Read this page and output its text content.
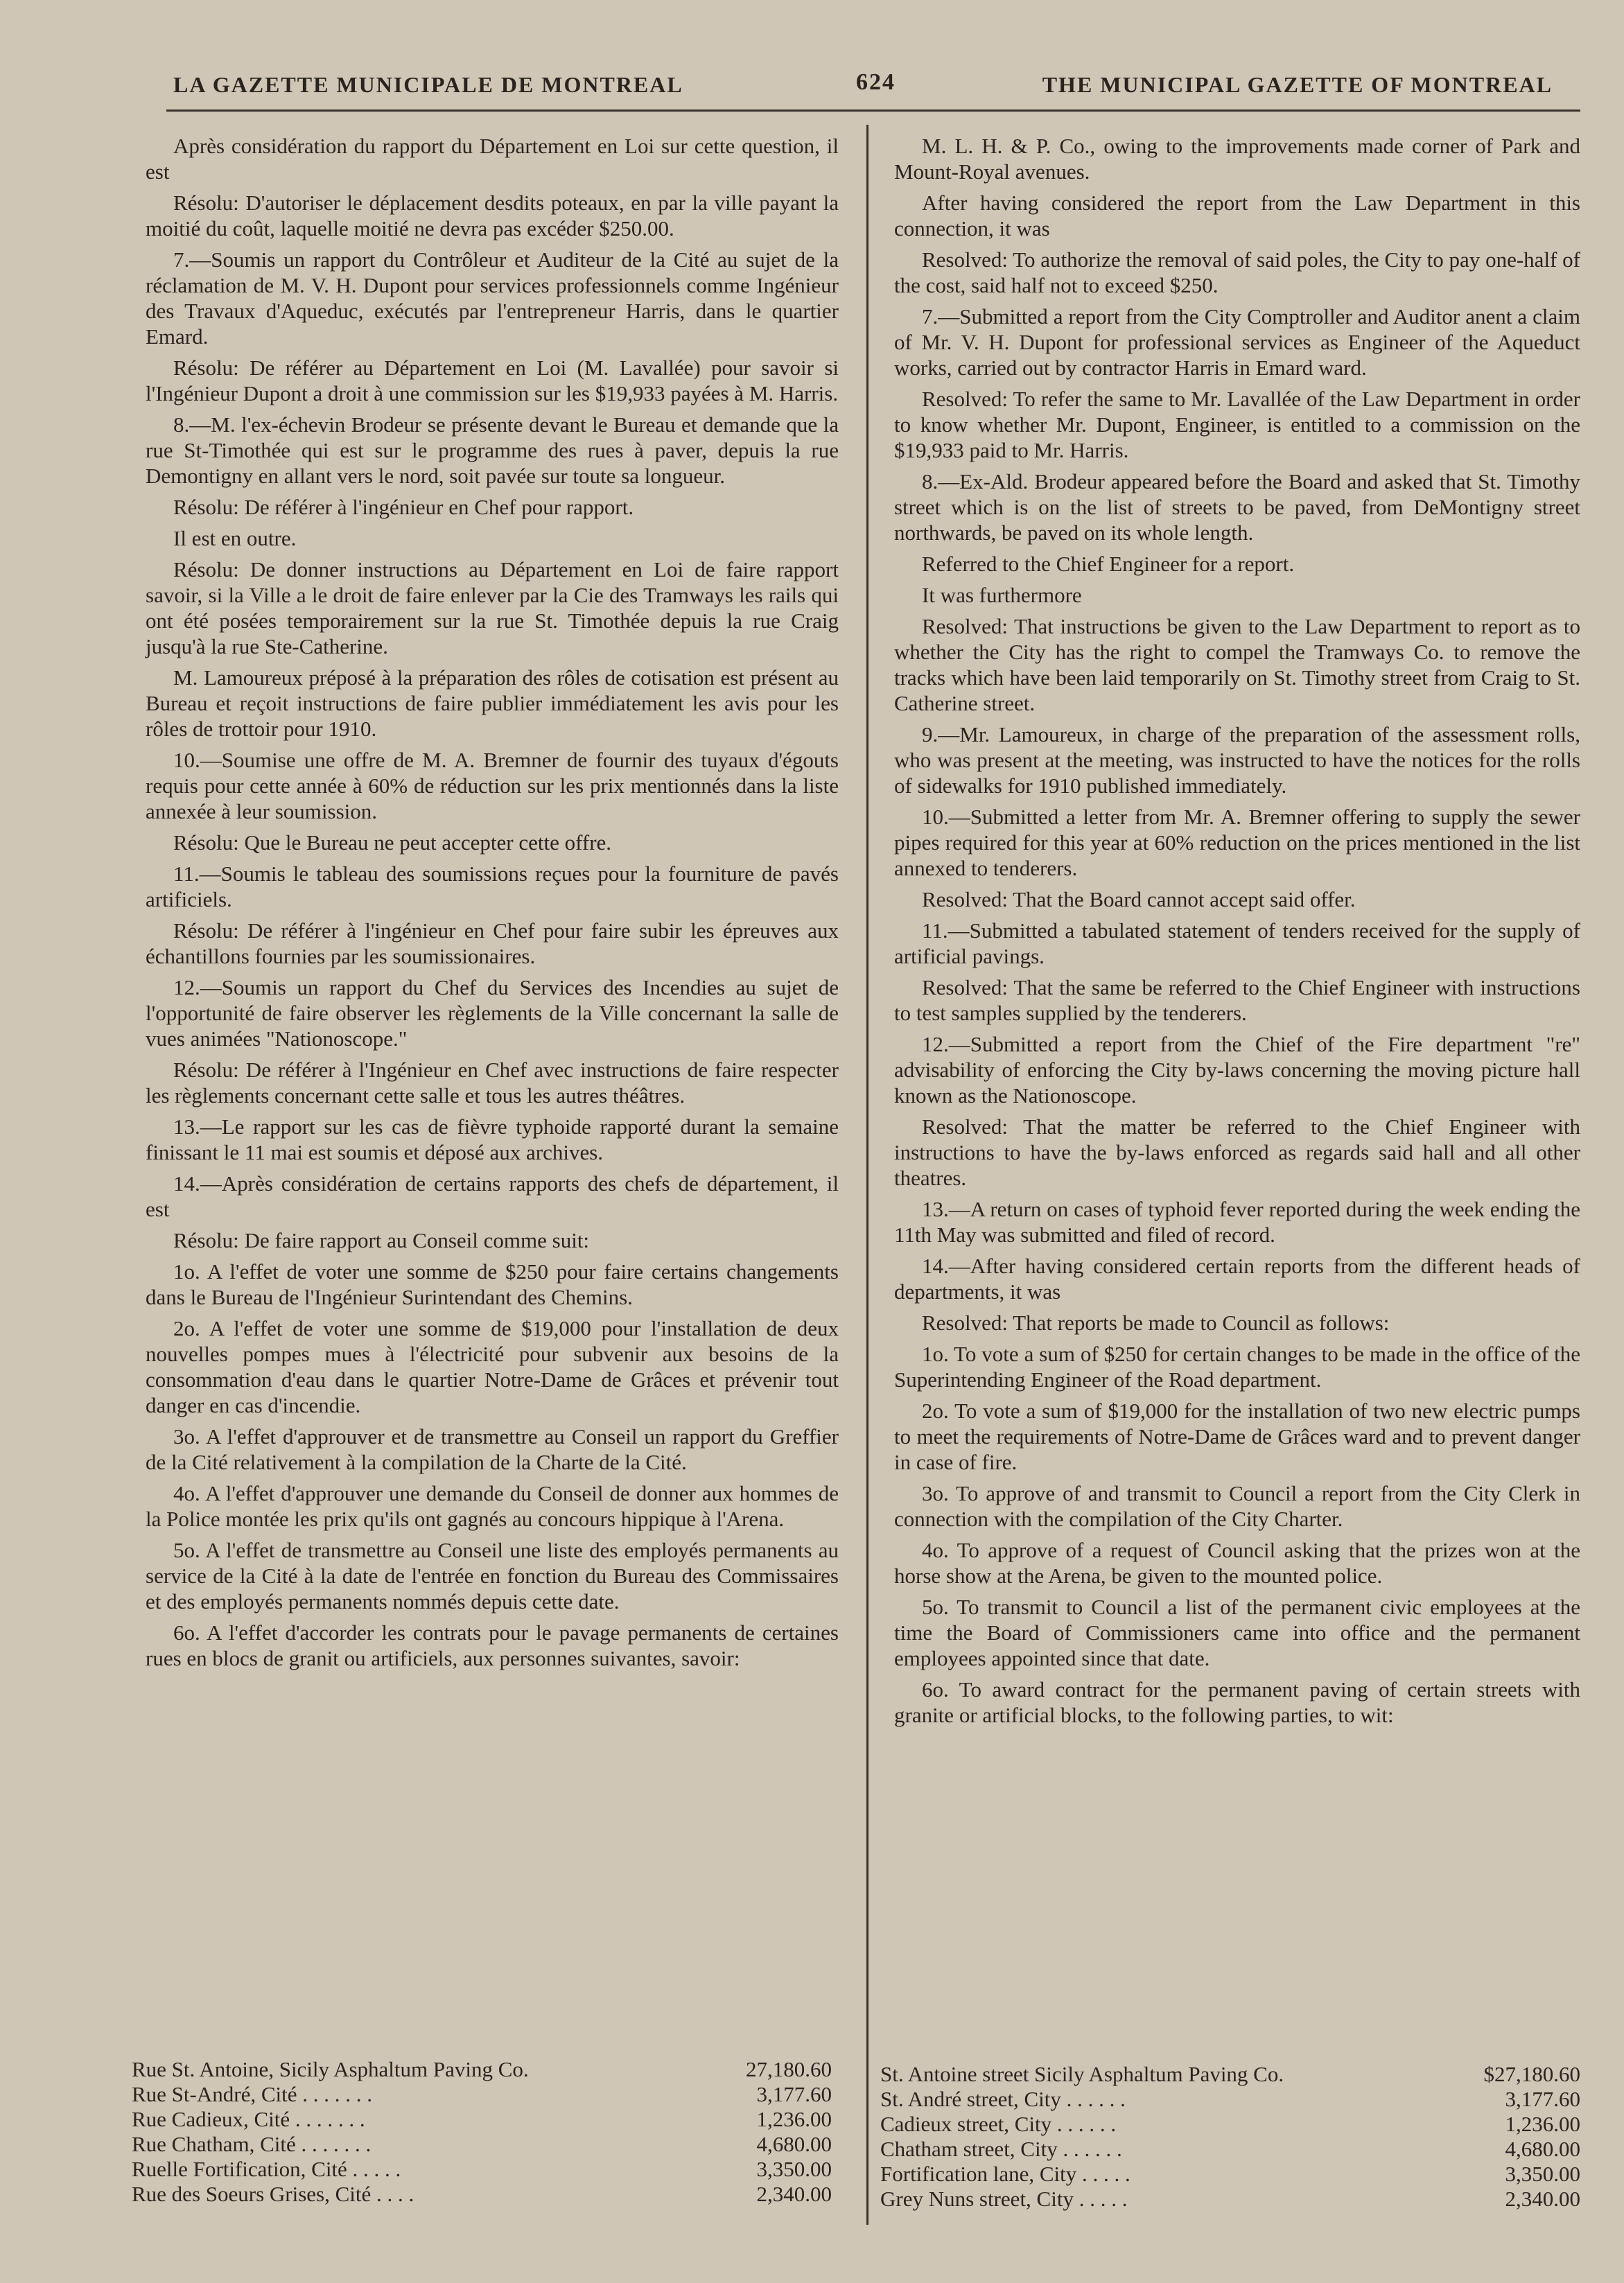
LA GAZETTE MUNICIPALE DE MONTREAL	624	THE MUNICIPAL GAZETTE OF MONTREAL

Après considération du rapport du Département en Loi sur cette question, il est

Résolu: D'autoriser le déplacement desdits poteaux, en par la ville payant la moitié du coût, laquelle moitié ne devra pas excéder $250.00.

7.—Soumis un rapport du Contrôleur et Auditeur de la Cité au sujet de la réclamation de M. V. H. Dupont pour services professionnels comme Ingénieur des Travaux d'Aqueduc, exécutés par l'entrepreneur Harris, dans le quartier Emard.

Résolu: De référer au Département en Loi (M. Lavallée) pour savoir si l'Ingénieur Dupont a droit à une commission sur les $19,933 payées à M. Harris.

8.—M. l'ex-échevin Brodeur se présente devant le Bureau et demande que la rue St-Timothée qui est sur le programme des rues à paver, depuis la rue Demontigny en allant vers le nord, soit pavée sur toute sa longueur.

Résolu: De référer à l'ingénieur en Chef pour rapport.

Il est en outre.

Résolu: De donner instructions au Département en Loi de faire rapport savoir, si la Ville a le droit de faire enlever par la Cie des Tramways les rails qui ont été posées temporairement sur la rue St. Timothée depuis la rue Craig jusqu'à la rue Ste-Catherine.

M. Lamoureux préposé à la préparation des rôles de cotisation est présent au Bureau et reçoit instructions de faire publier immédiatement les avis pour les rôles de trottoir pour 1910.

10.—Soumise une offre de M. A. Bremner de fournir des tuyaux d'égouts requis pour cette année à 60% de réduction sur les prix mentionnés dans la liste annexée à leur soumission.

Résolu: Que le Bureau ne peut accepter cette offre.

11.—Soumis le tableau des soumissions reçues pour la fourniture de pavés artificiels.

Résolu: De référer à l'ingénieur en Chef pour faire subir les épreuves aux échantillons fournies par les soumissionaires.

12.—Soumis un rapport du Chef du Services des Incendies au sujet de l'opportunité de faire observer les règlements de la Ville concernant la salle de vues animées "Nationoscope."

Résolu: De référer à l'Ingénieur en Chef avec instructions de faire respecter les règlements concernant cette salle et tous les autres théâtres.

13.—Le rapport sur les cas de fièvre typhoide rapporté durant la semaine finissant le 11 mai est soumis et déposé aux archives.

14.—Après considération de certains rapports des chefs de département, il est

Résolu: De faire rapport au Conseil comme suit:

1o. A l'effet de voter une somme de $250 pour faire certains changements dans le Bureau de l'Ingénieur Surintendant des Chemins.

2o. A l'effet de voter une somme de $19,000 pour l'installation de deux nouvelles pompes mues à l'électricité pour subvenir aux besoins de la consommation d'eau dans le quartier Notre-Dame de Grâces et prévenir tout danger en cas d'incendie.

3o. A l'effet d'approuver et de transmettre au Conseil un rapport du Greffier de la Cité relativement à la compilation de la Charte de la Cité.

4o. A l'effet d'approuver une demande du Conseil de donner aux hommes de la Police montée les prix qu'ils ont gagnés au concours hippique à l'Arena.

5o. A l'effet de transmettre au Conseil une liste des employés permanents au service de la Cité à la date de l'entrée en fonction du Bureau des Commissaires et des employés permanents nommés depuis cette date.

6o. A l'effet d'accorder les contrats pour le pavage permanents de certaines rues en blocs de granit ou artificiels, aux personnes suivantes, savoir:

M. L. H. & P. Co., owing to the improvements made corner of Park and Mount-Royal avenues.

After having considered the report from the Law Department in this connection, it was

Resolved: To authorize the removal of said poles, the City to pay one-half of the cost, said half not to exceed $250.

7.—Submitted a report from the City Comptroller and Auditor anent a claim of Mr. V. H. Dupont for professional services as Engineer of the Aqueduct works, carried out by contractor Harris in Emard ward.

Resolved: To refer the same to Mr. Lavallée of the Law Department in order to know whether Mr. Dupont, Engineer, is entitled to a commission on the $19,933 paid to Mr. Harris.

8.—Ex-Ald. Brodeur appeared before the Board and asked that St. Timothy street which is on the list of streets to be paved, from DeMontigny street northwards, be paved on its whole length.

Referred to the Chief Engineer for a report.

It was furthermore

Resolved: That instructions be given to the Law Department to report as to whether the City has the right to compel the Tramways Co. to remove the tracks which have been laid temporarily on St. Timothy street from Craig to St. Catherine street.

9.—Mr. Lamoureux, in charge of the preparation of the assessment rolls, who was present at the meeting, was instructed to have the notices for the rolls of sidewalks for 1910 published immediately.

10.—Submitted a letter from Mr. A. Bremner offering to supply the sewer pipes required for this year at 60% reduction on the prices mentioned in the list annexed to tenderers.

Resolved: That the Board cannot accept said offer.

11.—Submitted a tabulated statement of tenders received for the supply of artificial pavings.

Resolved: That the same be referred to the Chief Engineer with instructions to test samples supplied by the tenderers.

12.—Submitted a report from the Chief of the Fire department "re" advisability of enforcing the City by-laws concerning the moving picture hall known as the Nationoscope.

Resolved: That the matter be referred to the Chief Engineer with instructions to have the by-laws enforced as regards said hall and all other theatres.

13.—A return on cases of typhoid fever reported during the week ending the 11th May was submitted and filed of record.

14.—After having considered certain reports from the different heads of departments, it was

Resolved: That reports be made to Council as follows:

1o. To vote a sum of $250 for certain changes to be made in the office of the Superintending Engineer of the Road department.

2o. To vote a sum of $19,000 for the installation of two new electric pumps to meet the requirements of Notre-Dame de Grâces ward and to prevent danger in case of fire.

3o. To approve of and transmit to Council a report from the City Clerk in connection with the compilation of the City Charter.

4o. To approve of a request of Council asking that the prizes won at the horse show at the Arena, be given to the mounted police.

5o. To transmit to Council a list of the permanent civic employees at the time the Board of Commissioners came into office and the permanent employees appointed since that date.

6o. To award contract for the permanent paving of certain streets with granite or artificial blocks, to the following parties, to wit:

Rue St. Antoine, Sicily Asphaltum Paving Co.	27,180.60
Rue St-André, Cité . . . . . . .	3,177.60
Rue Cadieux, Cité . . . . . . .	1,236.00
Rue Chatham, Cité . . . . . . .	4,680.00
Ruelle Fortification, Cité . . . . .	3,350.00
Rue des Soeurs Grises, Cité . . . .	2,340.00
St. Antoine street Sicily Asphaltum Paving Co.	$27,180.60
St. André street, City . . . . . .	3,177.60
Cadieux street, City . . . . . .	1,236.00
Chatham street, City . . . . . .	4,680.00
Fortification lane, City . . . . .	3,350.00
Grey Nuns street, City . . . . .	2,340.00
